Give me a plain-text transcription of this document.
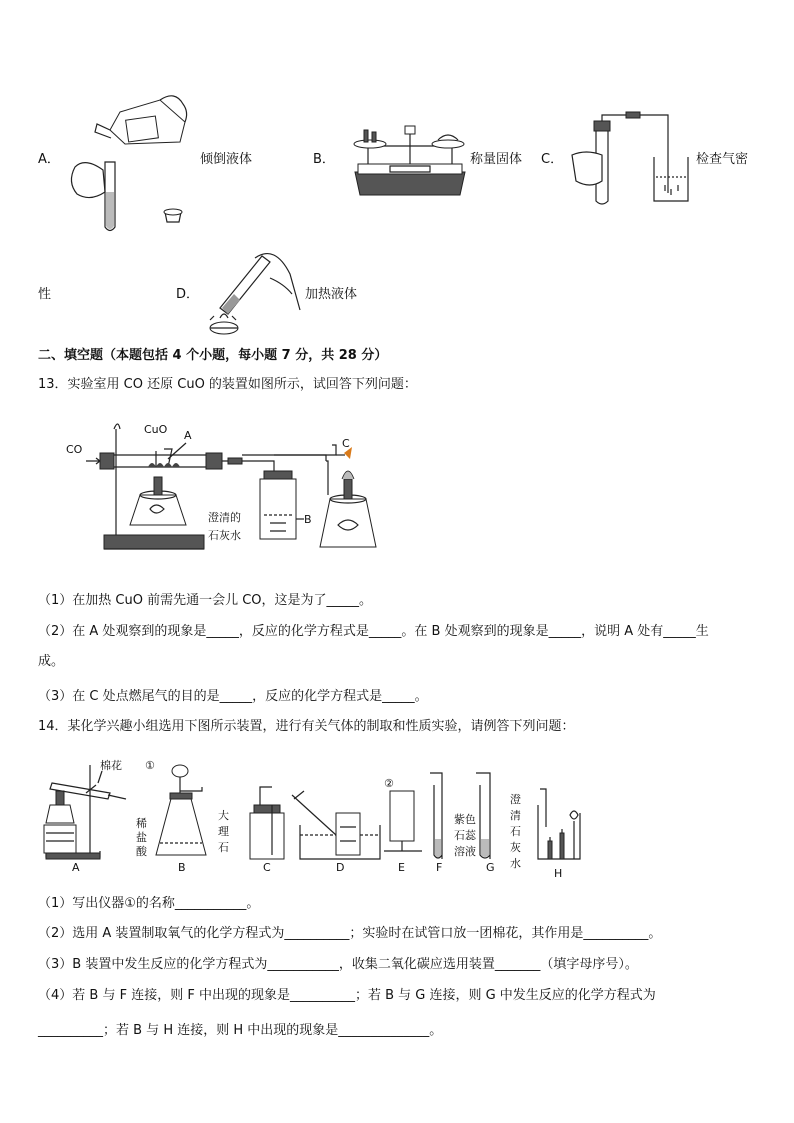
A．	倾倒液体	B．	称量固体 C．	检查气密
性	D．	加热液体
二、填空题（本题包括 4 个小题，每小题 7 分，共 28 分）
13．实验室用 CO 还原 CuO 的装置如图所示，试回答下列问题：
CO
CuO A
C
B
澄清的
石灰水
（1）在加热 CuO 前需先通一会儿 CO，这是为了_____。
（2）在 A 处观察到的现象是_____，反应的化学方程式是_____。在 B 处观察到的现象是_____，说明 A 处有_____生
成。
（3）在 C 处点燃尾气的目的是_____，反应的化学方程式是_____。
14．某化学兴趣小组选用下图所示装置，进行有关气体的制取和性质实验，请例答下列问题：
棉花
A
①
稀
盐
酸
大
理
石
B	C	D
②
E
紫色
石蕊
溶液
F	G
澄
清
石
灰
水
H
（1）写出仪器①的名称___________。
（2）选用 A 装置制取氧气的化学方程式为__________；实验时在试管口放一团棉花，其作用是__________。
（3）B 装置中发生反应的化学方程式为___________，收集二氧化碳应选用装置_______（填字母序号）。
（4）若 B 与 F 连接，则 F 中出现的现象是__________；若 B 与 G 连接，则 G 中发生反应的化学方程式为
__________；若 B 与 H 连接，则 H 中出现的现象是______________。
